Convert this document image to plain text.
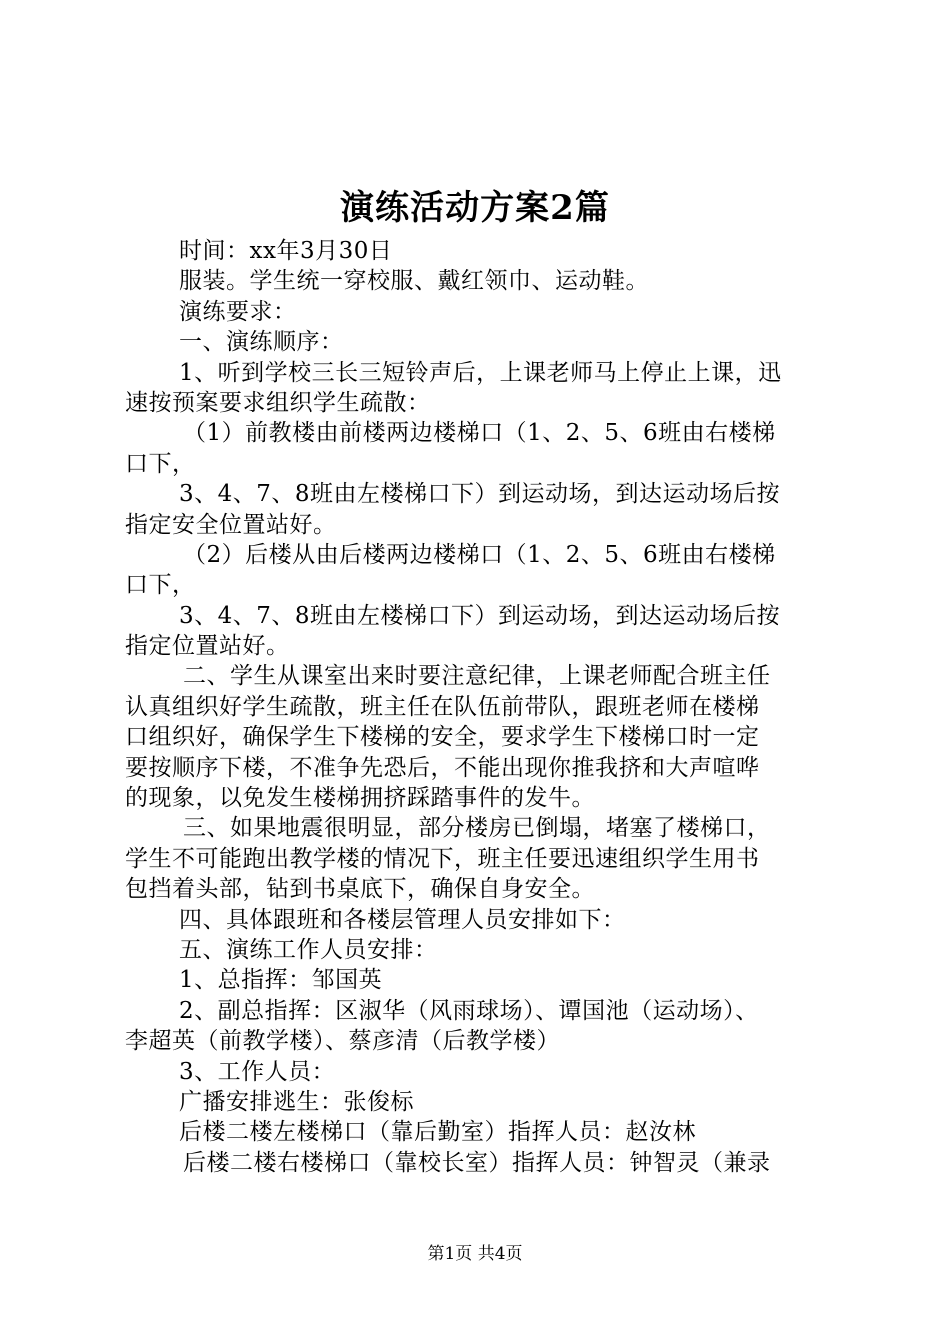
演练活动方案2篇
时间：xx年3月30日
服装。学生统一穿校服、戴红领巾、运动鞋。
演练要求：
一、演练顺序：
1、听到学校三长三短铃声后，上课老师马上停止上课，迅
速按预案要求组织学生疏散：
（1）前教楼由前楼两边楼梯口（1、2、5、6班由右楼梯
口下，
3、4、7、8班由左楼梯口下）到运动场，到达运动场后按
指定安全位置站好。
（2）后楼从由后楼两边楼梯口（1、2、5、6班由右楼梯
口下，
3、4、7、8班由左楼梯口下）到运动场，到达运动场后按
指定位置站好。
二、学生从课室出来时要注意纪律，上课老师配合班主任
认真组织好学生疏散，班主任在队伍前带队，跟班老师在楼梯
口组织好，确保学生下楼梯的安全，要求学生下楼梯口时一定
要按顺序下楼，不准争先恐后，不能出现你推我挤和大声喧哗
的现象，以免发生楼梯拥挤踩踏事件的发牛。
三、如果地震很明显，部分楼房已倒塌，堵塞了楼梯口，
学生不可能跑出教学楼的情况下，班主任要迅速组织学生用书
包挡着头部，钻到书桌底下，确保自身安全。
四、具体跟班和各楼层管理人员安排如下：
五、演练工作人员安排：
1、总指挥：邹国英
2、副总指挥：区淑华（风雨球场）、谭国池（运动场）、
李超英（前教学楼）、蔡彦清（后教学楼）
3、工作人员：
广播安排逃生：张俊标
后楼二楼左楼梯口（靠后勤室）指挥人员：赵汝林
后楼二楼右楼梯口（靠校长室）指挥人员：钟智灵（兼录
第1页 共4页
